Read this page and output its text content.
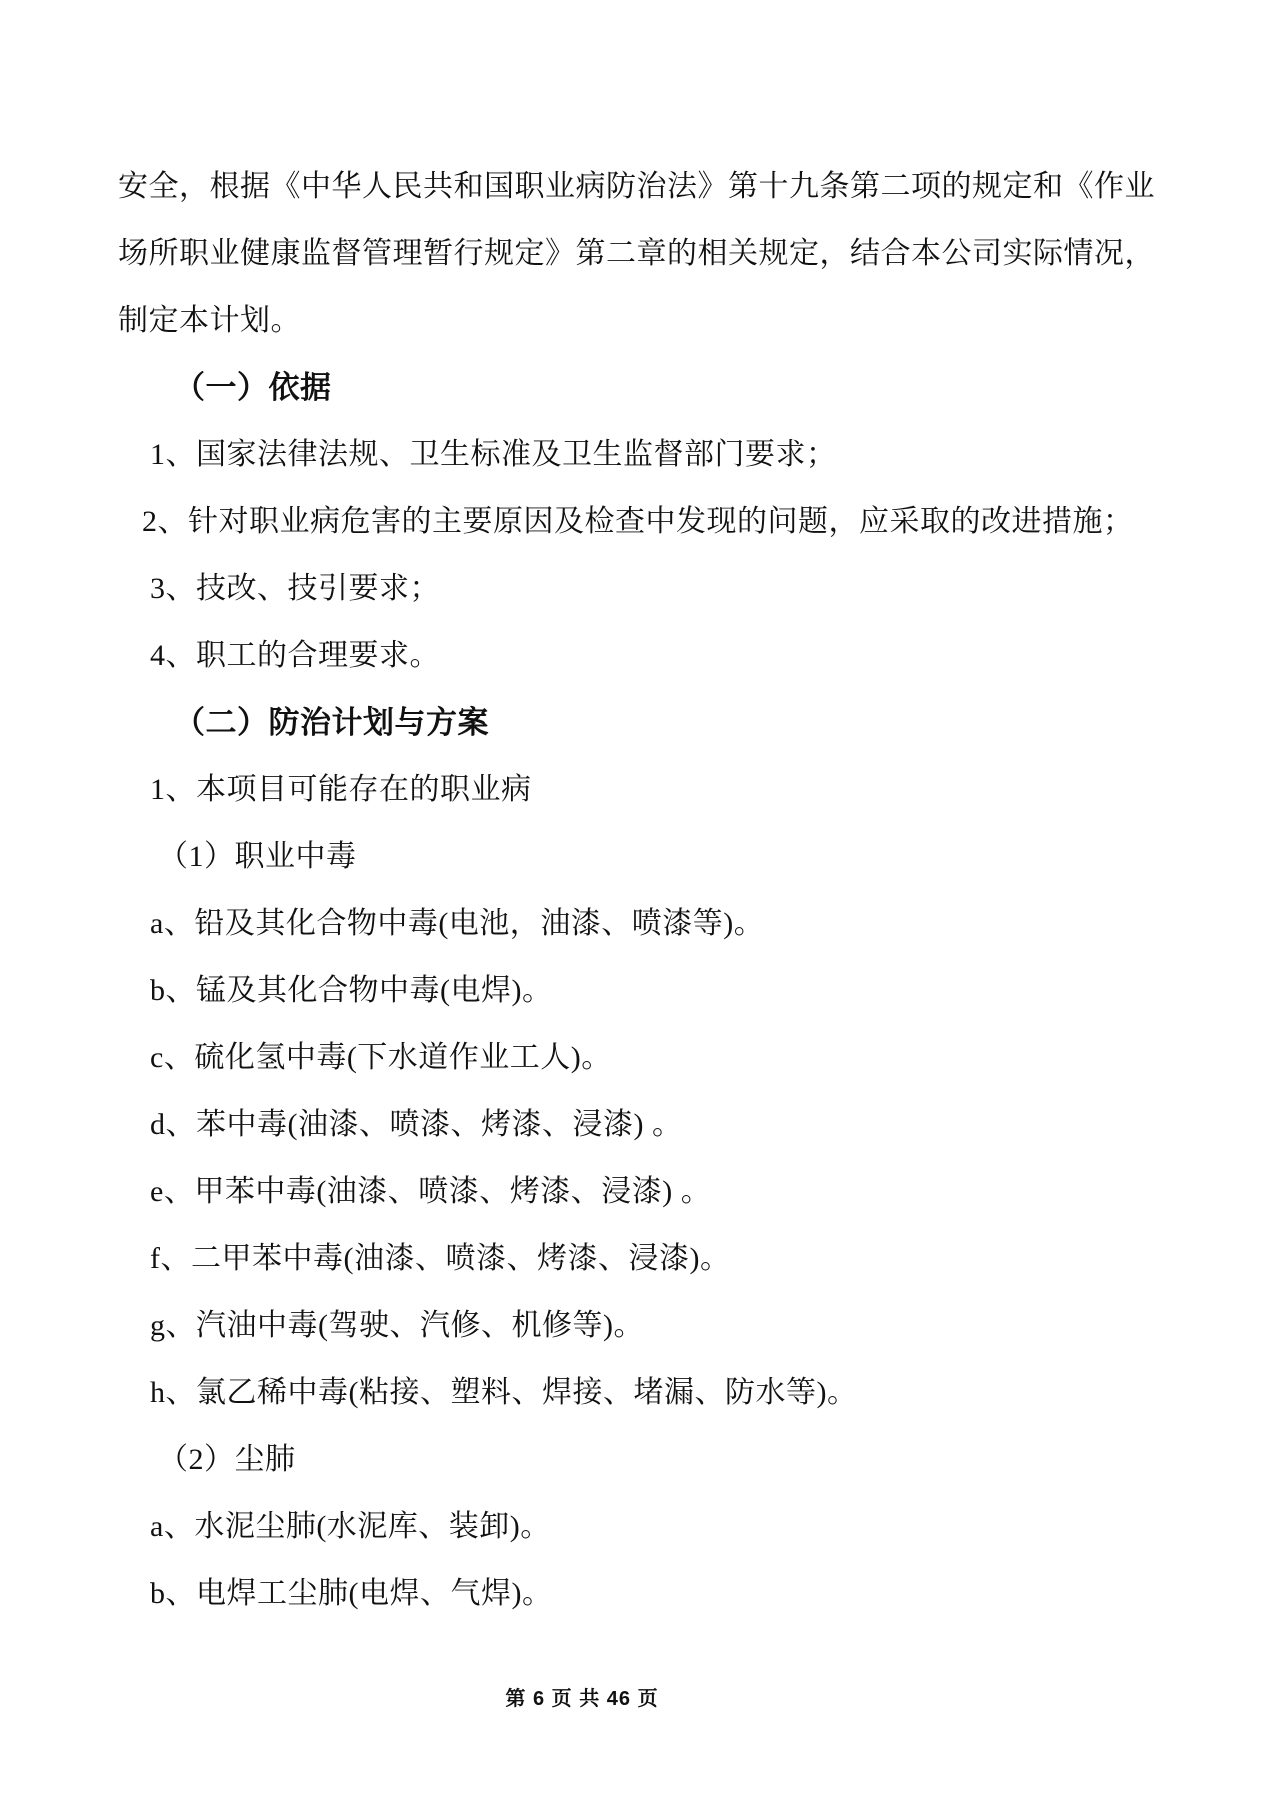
安全，根据《中华人民共和国职业病防治法》第十九条第二项的规定和《作业
场所职业健康监督管理暂行规定》第二章的相关规定，结合本公司实际情况，
制定本计划。
（一）依据
1、国家法律法规、卫生标准及卫生监督部门要求；
2、针对职业病危害的主要原因及检查中发现的问题，应采取的改进措施；
3、技改、技引要求；
4、职工的合理要求。
（二）防治计划与方案
1、本项目可能存在的职业病
（1）职业中毒
a、铅及其化合物中毒(电池，油漆、喷漆等)。
b、锰及其化合物中毒(电焊)。
c、硫化氢中毒(下水道作业工人)。
d、苯中毒(油漆、喷漆、烤漆、浸漆) 。
e、甲苯中毒(油漆、喷漆、烤漆、浸漆) 。
f、二甲苯中毒(油漆、喷漆、烤漆、浸漆)。
g、汽油中毒(驾驶、汽修、机修等)。
h、氯乙稀中毒(粘接、塑料、焊接、堵漏、防水等)。
（2）尘肺
a、水泥尘肺(水泥库、装卸)。
b、电焊工尘肺(电焊、气焊)。
第 6 页 共 46 页
